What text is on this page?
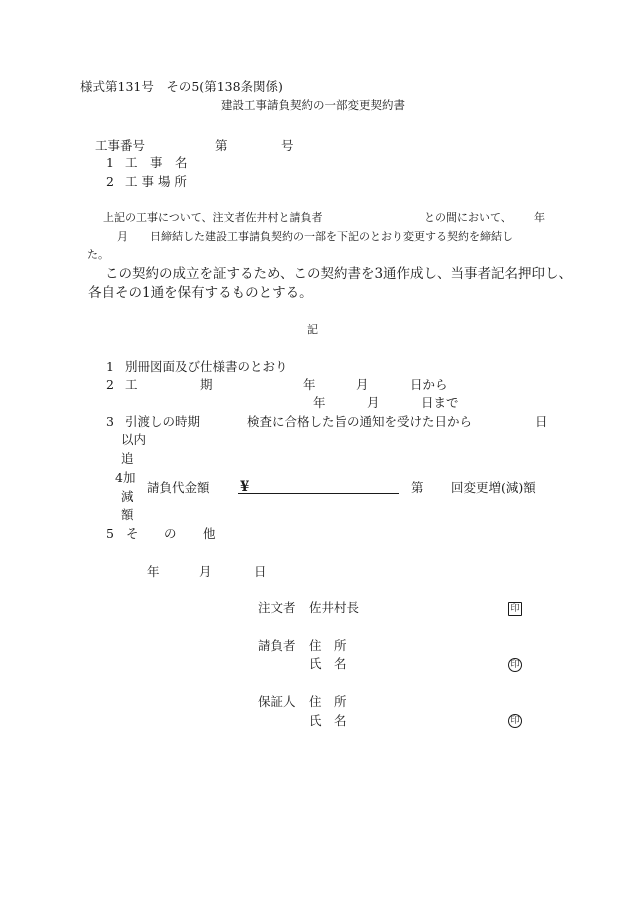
様式第131号　その5(第138条関係)
建設工事請負契約の一部変更契約書
工事番号	第	号
1 工　事　名
2 工 事 場 所
上記の工事について、注文者佐井村と請負者	との間において、 年
月 日締結した建設工事請負契約の一部を下記のとおり変更する契約を締結し
た。
この契約の成立を証するため、この契約書を3通作成し、当事者記名押印し、
各自その1通を保有するものとする。
記
1 別冊図面及び仕様書のとおり
2 工	期	年	月	日から
年	月	日まで
3 引渡しの時期	検査に合格した旨の通知を受けた日から	日
以内
追
4加
減
額
請負代金額 ¥	第 回変更増(減)額
5 そ の 他
年	月	日
注文者 佐井村長	印
請負者 住　所
氏　名	印
保証人 住　所
氏　名	印
